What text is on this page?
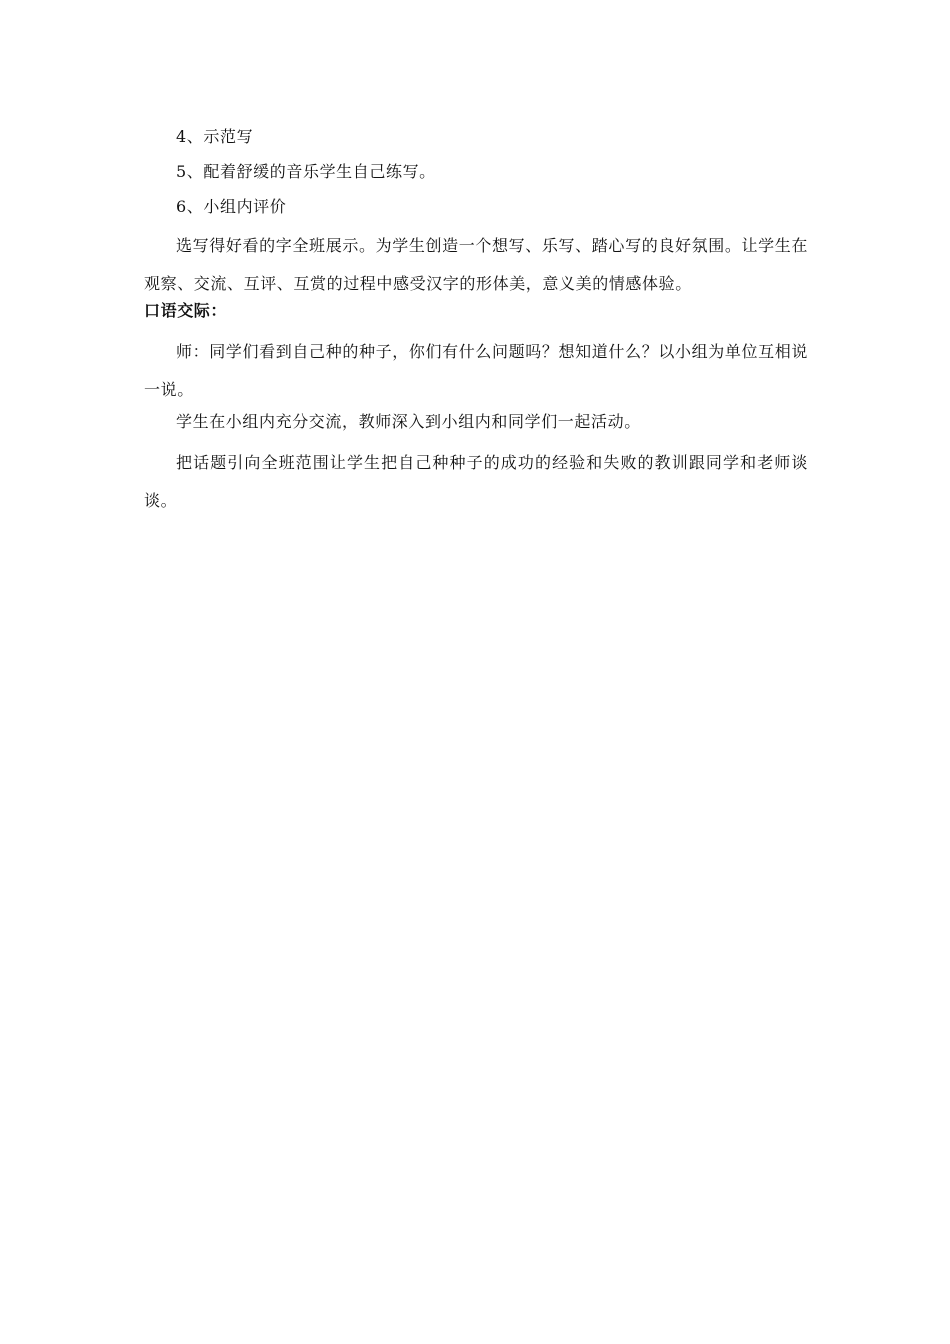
4、示范写

5、配着舒缓的音乐学生自己练写。

6、小组内评价

选写得好看的字全班展示。为学生创造一个想写、乐写、踏心写的良好氛围。让学生在观察、交流、互评、互赏的过程中感受汉字的形体美，意义美的情感体验。

口语交际：

师：同学们看到自己种的种子，你们有什么问题吗？想知道什么？以小组为单位互相说一说。

学生在小组内充分交流，教师深入到小组内和同学们一起活动。

把话题引向全班范围让学生把自己种种子的成功的经验和失败的教训跟同学和老师谈谈。
